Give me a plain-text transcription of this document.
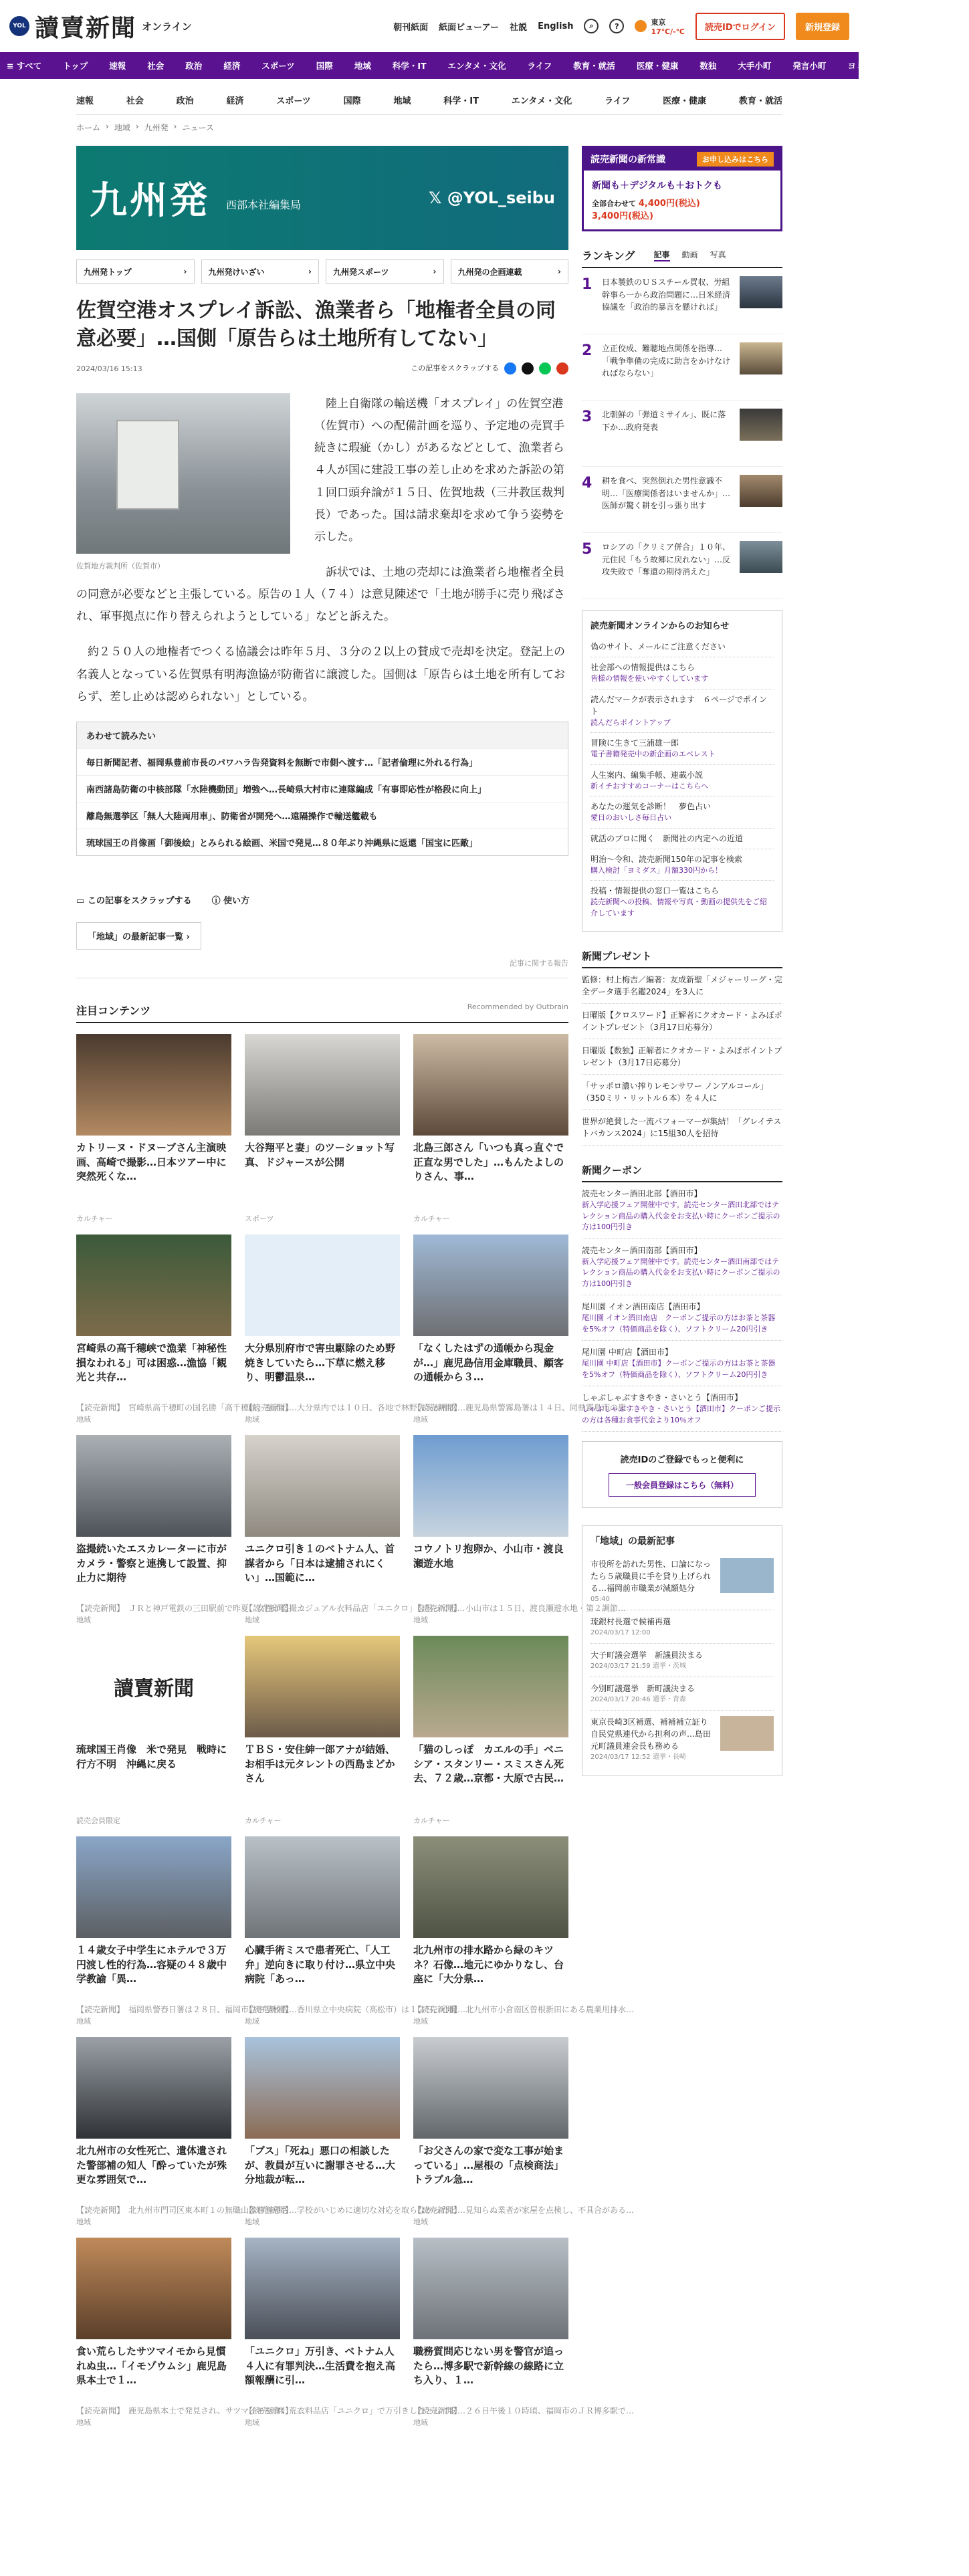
YOL 讀賣新聞 オンライン	朝刊紙面 紙面ビューアー 社説 English	⌕	?	東京
17℃/-℃	読売IDでログイン	新規登録
≡ すべて	トップ	速報	社会	政治	経済	スポーツ	国際	地域	科学・IT	エンタメ・文化	ライフ	教育・就活	医療・健康	数独	大手小町	発言小町	ヨミドクター	よみぽランド
速報	社会	政治	経済	スポーツ	国際	地域	科学・IT	エンタメ・文化	ライフ	医療・健康	教育・就活
ホーム › 地域 › 九州発 › ニュース
九州発 西部本社編集局	𝕏 @YOL_seibu
九州発トップ	›	九州発けいざい	›	九州発スポーツ	›	九州発の企画連載	›
佐賀空港オスプレイ訴訟、漁業者ら「地権者全員の同意必要」…国側「原告らは土地所有してない」
2024/03/16 15:13	この記事をスクラップする
佐賀地方裁判所（佐賀市）

陸上自衛隊の輸送機「オスプレイ」の佐賀空港（佐賀市）への配備計画を巡り、予定地の売買手続きに瑕疵（かし）があるなどとして、漁業者ら４人が国に建設工事の差し止めを求めた訴訟の第１回口頭弁論が１５日、佐賀地裁（三井教匡裁判長）であった。国は請求棄却を求めて争う姿勢を示した。

訴状では、土地の売却には漁業者ら地権者全員の同意が必要などと主張している。原告の１人（７４）は意見陳述で「土地が勝手に売り飛ばされ、軍事拠点に作り替えられようとしている」などと訴えた。

約２５０人の地権者でつくる協議会は昨年５月、３分の２以上の賛成で売却を決定。登記上の名義人となっている佐賀県有明海漁協が防衛省に譲渡した。国側は「原告らは土地を所有しておらず、差し止めは認められない」としている。

あわせて読みたい
毎日新聞記者、福岡県豊前市長のパワハラ告発資料を無断で市側へ渡す…「記者倫理に外れる行為」
南西諸島防衛の中核部隊「水陸機動団」増強へ…長崎県大村市に連隊編成「有事即応性が格段に向上」
離島無選挙区「無人大陸両用車」、防衛省が開発へ…遠隔操作で輸送艦載も
琉球国王の肖像画「御後絵」とみられる絵画、米国で発見…８０年ぶり沖縄県に返還「国宝に匹敵」
▭ この記事をスクラップする ⓘ 使い方
「地域」の最新記事一覧 ›
記事に関する報告
注目コンテンツ	Recommended by Outbrain
カトリーヌ・ドヌーブさん主演映画、高崎で撮影…日本ツアー中に突然死くな…
カルチャー
大谷翔平と妻」のツーショット写真、ドジャースが公開
スポーツ
北島三郎さん「いつも真っ直ぐで正直な男でした」…もんたよしのりさん、事…
カルチャー
宮崎県の高千穂峡で漁業「神秘性損なわれる」可は困惑…漁協「観光と共存…
【読売新聞】　宮崎県高千穂町の国名勝「高千穂峡」を流れ…
地域
大分県別府市で害虫駆除のため野焼きしていたら…下草に燃え移り、明鬱温泉…
【読売新聞】　大分県内では１０日、各地で林野火災が相次…
地域
「なくしたはずの通帳から現金が…」鹿児島信用金庫職員、顧客の通帳から３…
【読売新聞】　鹿児島県警霧島署は１４日、同県霧島市の鹿…
地域
盗撮続いたエスカレーターに市がカメラ・警察と連携して設置、抑止力に期待
【読売新聞】　ＪＲと神戸電鉄の三田駅前で昨夏、女性が盗撮…
地域
ユニクロ引き１のベトナム人、首謀者から「日本は逮捕されにくい」…国範に…
【読売新聞】　カジュアル衣料品店「ユニクロ」を狙って万…
地域
コウノトリ抱卵か、小山市・渡良瀬遊水地
【読売新聞】　小山市は１５日、渡良瀬遊水地・第２調節…
地域
讀賣新聞
琉球国王肖像　米で発見　戦時に行方不明　沖縄に戻る
読売会員限定
ＴＢＳ・安住紳一郎アナが結婚、お相手は元タレントの西島まどかさん
カルチャー
「猫のしっぽ　カエルの手」ベニシア・スタンリー・スミスさん死去、７２歳…京都・大原で古民…
カルチャー
１４歳女子中学生にホテルで３万円渡し性的行為…容疑の４８歳中学教諭「異…
【読売新聞】　福岡県警春日署は２８日、福岡市立中学校教…
地域
心臓手術ミスで患者死亡、「人工弁」逆向きに取り付け…県立中央病院「あっ…
【読売新聞】　香川県立中央病院（高松市）は１２日、心臓…
地域
北九州市の排水路から緑のキツネ？石像…地元にゆかりなし、台座に「大分県…
【読売新聞】　北九州市小倉南区曽根新田にある農業用排水…
地域
北九州市の女性死亡、遺体遺された警部補の知人「酔っていたが殊更な雰囲気で…
【読売新聞】　北九州市門司区東本町１の無職山本尊智恵さ…
地域
「ブス」「死ね」悪口の相談したが、教員が互いに謝罪させる…大分地裁が転…
【読売新聞】　学校がいじめに適切な対応を取らなかったと…
地域
「お父さんの家で変な工事が始まっている」…屋根の「点検商法」トラブル急…
【読売新聞】　見知らぬ業者が家屋を点検し、不具合がある…
地域
食い荒らしたサツマイモから見慣れぬ虫…「イモゾウムシ」鹿児島県本土で１…
【読売新聞】　鹿児島県本土で発見され、サツマイモを食い荒…
地域
「ユニクロ」万引き、ベトナム人４人に有罪判決…生活費を抱え高額報酬に引…
【読売新聞】　衣料品店「ユニクロ」で万引きしたとして窃…
地域
職務質問応じない男を警官が追ったら…博多駅で新幹線の線路に立ち入り、１…
【読売新聞】　２６日午後１０時頃、福岡市のＪＲ博多駅で…
地域
読売新聞の新常識	お申し込みはこちら
新聞も＋デジタルも＋おトクも
全部合わせて 4,400円(税込)
3,400円(税込)
ランキング 記事 動画 写真
1	日本製鉄のＵＳスチール買収、労組幹事ら一から政治問題に…日米経済協議を「政治的暴言を懸ければ」
2	立正佼成、難聴地点関係を指導…「戦争準備の完成に助言をかけなければならない」
3	北朝鮮の「弾道ミサイル」、既に落下か…政府発表
4	耕を食べ、突然倒れた男性意識不明…「医療関係者はいませんか」…医師が驚く耕を引っ張り出す
5	ロシアの「クリミア併合」１０年、元住民「もう故郷に戻れない」…反攻失敗で「奪還の期待消えた」
読売新聞オンラインからのお知らせ
偽のサイト、メールにご注意ください
社会部への情報提供はこちら
皆様の情報を使いやすくしています
読んだマークが表示されます　６ページでポイント
読んだらポイントアップ
冒険に生きて三浦雄一郎
電子書籍発売中の新企画のエベレスト
人生案内、編集手帳、連載小説
新イチおすすめコーナーはこちらへ
あなたの運気を診断！　夢色占い
愛日のおいしさ毎日占い
就活のプロに聞く　新聞社の内定への近道
明治〜令和、読売新聞150年の記事を検索
購入検討「ヨミダス」月額330円から！
投稿・情報提供の窓口一覧はこちら
読売新聞への投稿、情報や写真・動画の提供先をご紹介しています
新聞プレゼント
監修：村上梅吉／編著：友成新聖「メジャーリーグ・完全データ選手名鑑2024」を3人に
日曜版【クロスワード】正解者にクオカード・よみぽポイントプレゼント（3月17日応募分）
日曜版【数独】正解者にクオカード・よみぽポイントプレゼント（3月17日応募分）
「サッポロ濃い搾りレモンサワー ノンアルコール」（350ミリ・リットル６本）を４人に
世界が絶賛した一流パフォーマーが集結！「グレイテストバカンス2024」に15組30人を招待
新聞クーポン
読売センター酒田北部【酒田市】
新入学応援フェア開催中です。読売センター酒田北部ではテレクション商品の購入代金をお支払い時にクーポンご提示の方は100円引き
読売センター酒田南部【酒田市】
新入学応援フェア開催中です。読売センター酒田南部ではテレクション商品の購入代金をお支払い時にクーポンご提示の方は100円引き
尾川園 イオン酒田南店【酒田市】
尾川園 イオン酒田南店　クーポンご提示の方はお茶と茶器を5%オフ（特価商品を除く）、ソフトクリーム20円引き
尾川園 中町店【酒田市】
尾川園 中町店【酒田市】クーポンご提示の方はお茶と茶器を5%オフ（特価商品を除く）、ソフトクリーム20円引き
しゃぶしゃぶすきやき・さいとう【酒田市】
しゃぶしゃぶすきやき・さいとう【酒田市】クーポンご提示の方は各種お食事代金より10％オフ
読売IDのご登録でもっと便利に
一般会員登録はこちら（無料）
「地域」の最新記事
市役所を訪れた男性、口論になったら５歳職員に手を貸り上げられる…福岡前市職業が減額処分
05:40
琉銀村長選で候補再選
2024/03/17 12:00
大子町議会選挙　新議員決まる
2024/03/17 21:59 選挙・茨城
今別町議選挙　新町議決まる
2024/03/17 20:46 選挙・青森
東京長崎3区補選、補補補立証り自民党県連代から担利の声…島田元町議員連会長も務める
2024/03/17 12:52 選挙・長崎
